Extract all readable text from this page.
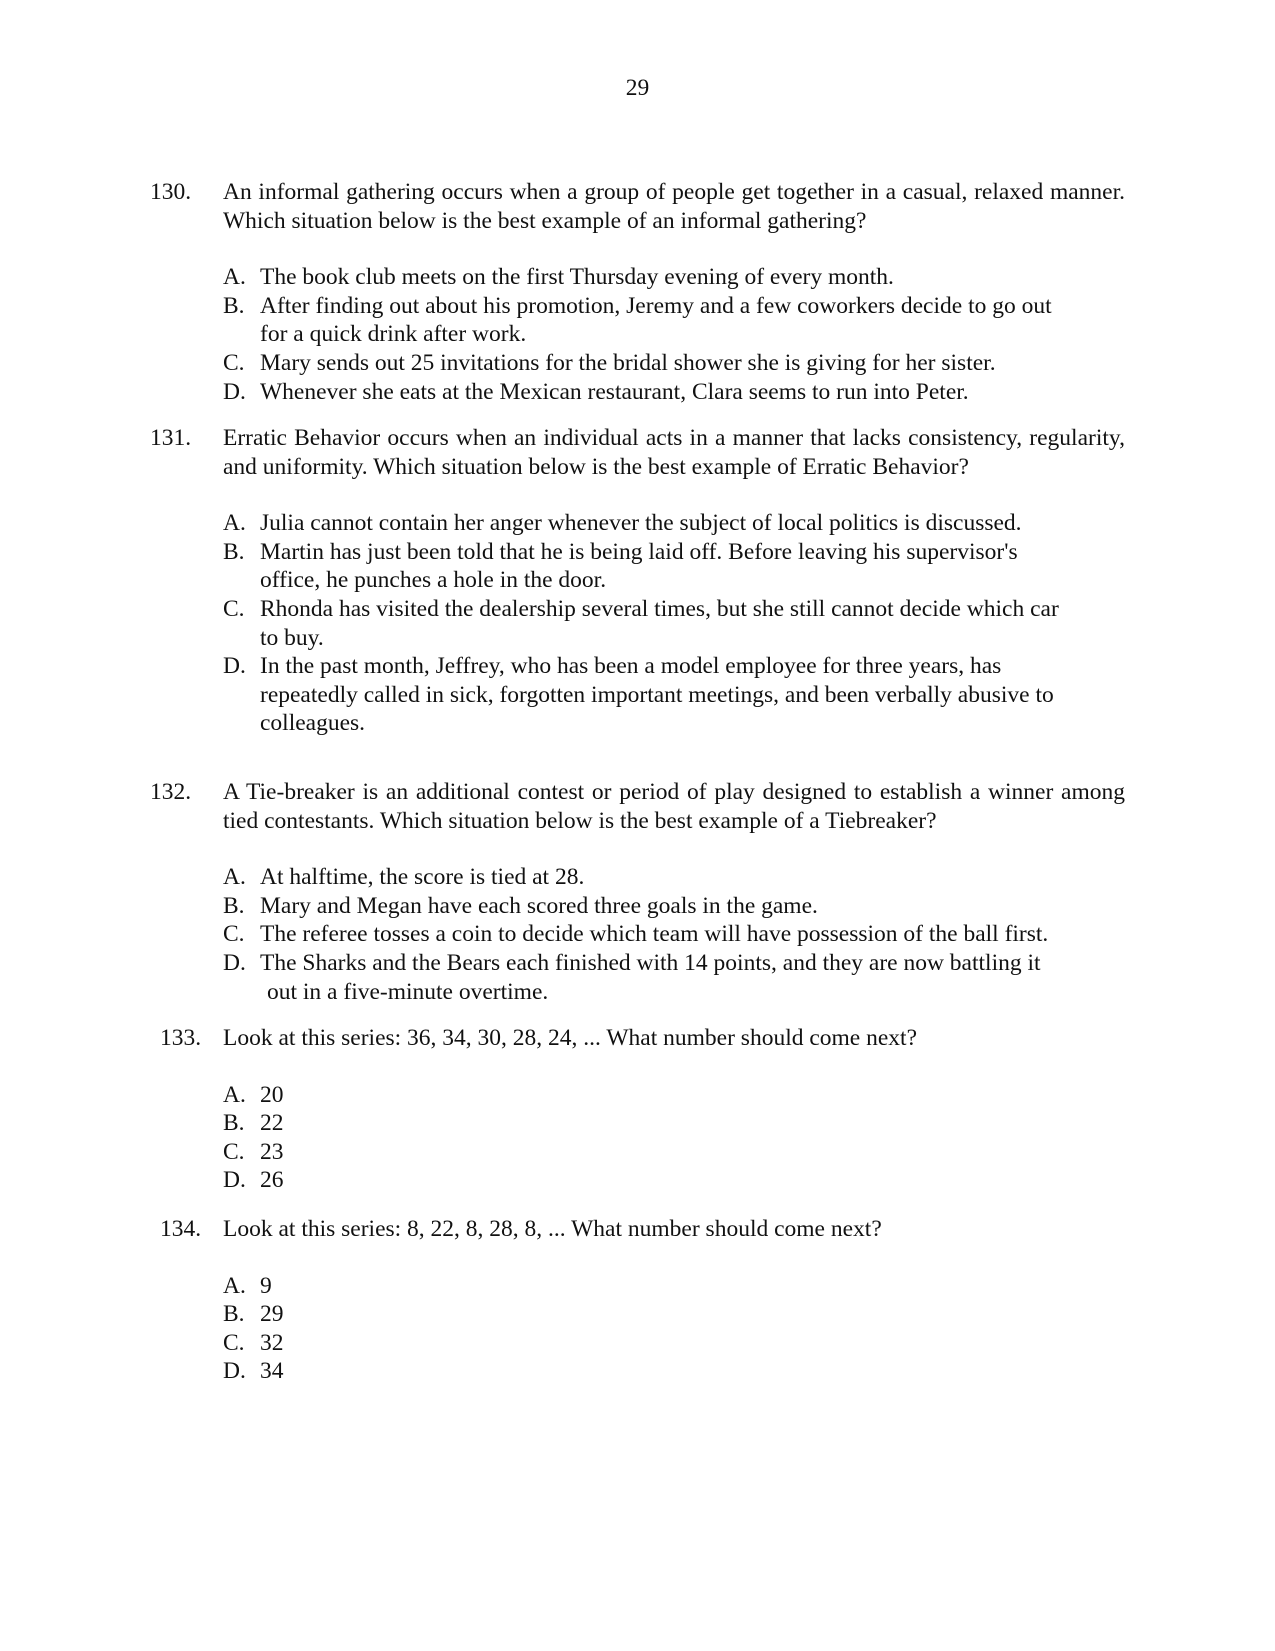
29
130. An informal gathering occurs when a group of people get together in a casual, relaxed manner. Which situation below is the best example of an informal gathering?
A. The book club meets on the first Thursday evening of every month.
B. After finding out about his promotion, Jeremy and a few coworkers decide to go out
for a quick drink after work.
C. Mary sends out 25 invitations for the bridal shower she is giving for her sister.
D. Whenever she eats at the Mexican restaurant, Clara seems to run into Peter.
131. Erratic Behavior occurs when an individual acts in a manner that lacks consistency, regularity, and uniformity. Which situation below is the best example of Erratic Behavior?
A. Julia cannot contain her anger whenever the subject of local politics is discussed.
B. Martin has just been told that he is being laid off. Before leaving his supervisor's
office, he punches a hole in the door.
C. Rhonda has visited the dealership several times, but she still cannot decide which car
to buy.
D. In the past month, Jeffrey, who has been a model employee for three years, has
repeatedly called in sick, forgotten important meetings, and been verbally abusive to colleagues.
132. A Tie-breaker is an additional contest or period of play designed to establish a winner among tied contestants. Which situation below is the best example of a Tiebreaker?
A. At halftime, the score is tied at 28.
B. Mary and Megan have each scored three goals in the game.
C. The referee tosses a coin to decide which team will have possession of the ball first.
D. The Sharks and the Bears each finished with 14 points, and they are now battling it
out in a five-minute overtime.
133. Look at this series: 36, 34, 30, 28, 24, ... What number should come next?
A. 20
B. 22
C. 23
D. 26
134. Look at this series: 8, 22, 8, 28, 8, ... What number should come next?
A. 9
B. 29
C. 32
D. 34
